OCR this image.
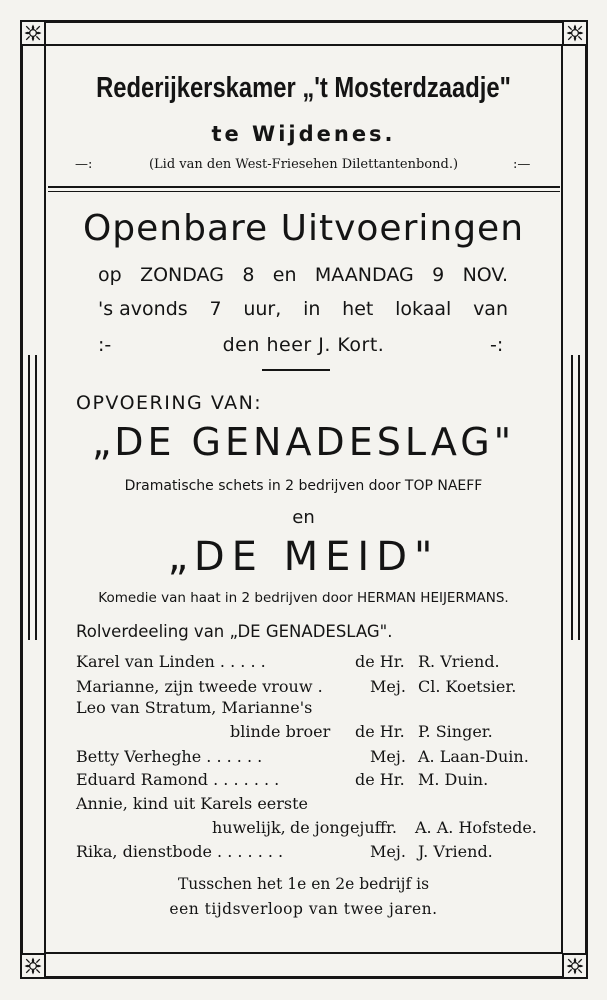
Rederijkerskamer „'t Mosterdzaadje"
te Wijdenes.
—:	(Lid van den West-Friesehen Dilettantenbond.)	:—
Openbare Uitvoeringen
op ZONDAG 8 en MAANDAG 9 NOV.
's avonds 7 uur, in het lokaal van
:-	den heer J. Kort.	-:
OPVOERING VAN:
„DE GENADESLAG"
Dramatische schets in 2 bedrijven door TOP NAEFF
en
„DE MEID"
Komedie van haat in 2 bedrijven door HERMAN HEIJERMANS.
Rolverdeeling van „DE GENADESLAG".
Karel van Linden . . . . .	de Hr. R. Vriend.
Marianne, zijn tweede vrouw .	Mej. Cl. Koetsier.
Leo van Stratum, Marianne's
blinde broer de Hr. P. Singer.
Betty Verheghe . . . . . .	Mej. A. Laan-Duin.
Eduard Ramond . . . . . . .	de Hr. M. Duin.
Annie, kind uit Karels eerste
huwelijk, de jongejuffr. A. A. Hofstede.
Rika, dienstbode . . . . . . .	Mej. J. Vriend.
Tusschen het 1e en 2e bedrijf is
een tijdsverloop van twee jaren.
